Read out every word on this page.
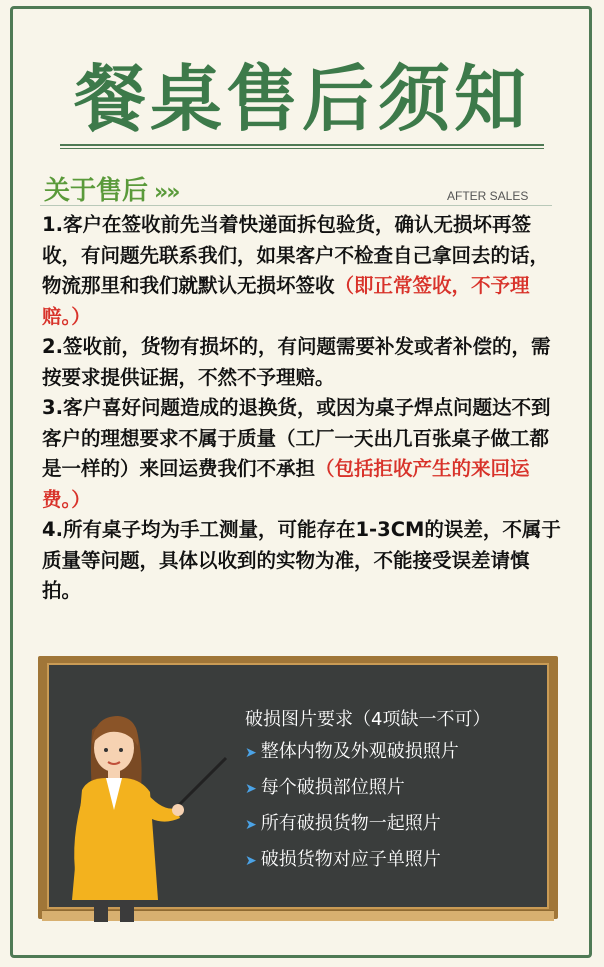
餐桌售后须知
关于售后 »»	AFTER SALES

1.客户在签收前先当着快递面拆包验货，确认无损坏再签收，有问题先联系我们，如果客户不检查自己拿回去的话，物流那里和我们就默认无损坏签收（即正常签收，不予理赔。）

2.签收前，货物有损坏的，有问题需要补发或者补偿的，需按要求提供证据，不然不予理赔。

3.客户喜好问题造成的退换货，或因为桌子焊点问题达不到客户的理想要求不属于质量（工厂一天出几百张桌子做工都是一样的）来回运费我们不承担（包括拒收产生的来回运费。）

4.所有桌子均为手工测量，可能存在1-3CM的误差，不属于质量等问题，具体以收到的实物为准，不能接受误差请慎拍。

破损图片要求（4项缺一不可）
➤ 整体内物及外观破损照片
➤ 每个破损部位照片
➤ 所有破损货物一起照片
➤ 破损货物对应子单照片
